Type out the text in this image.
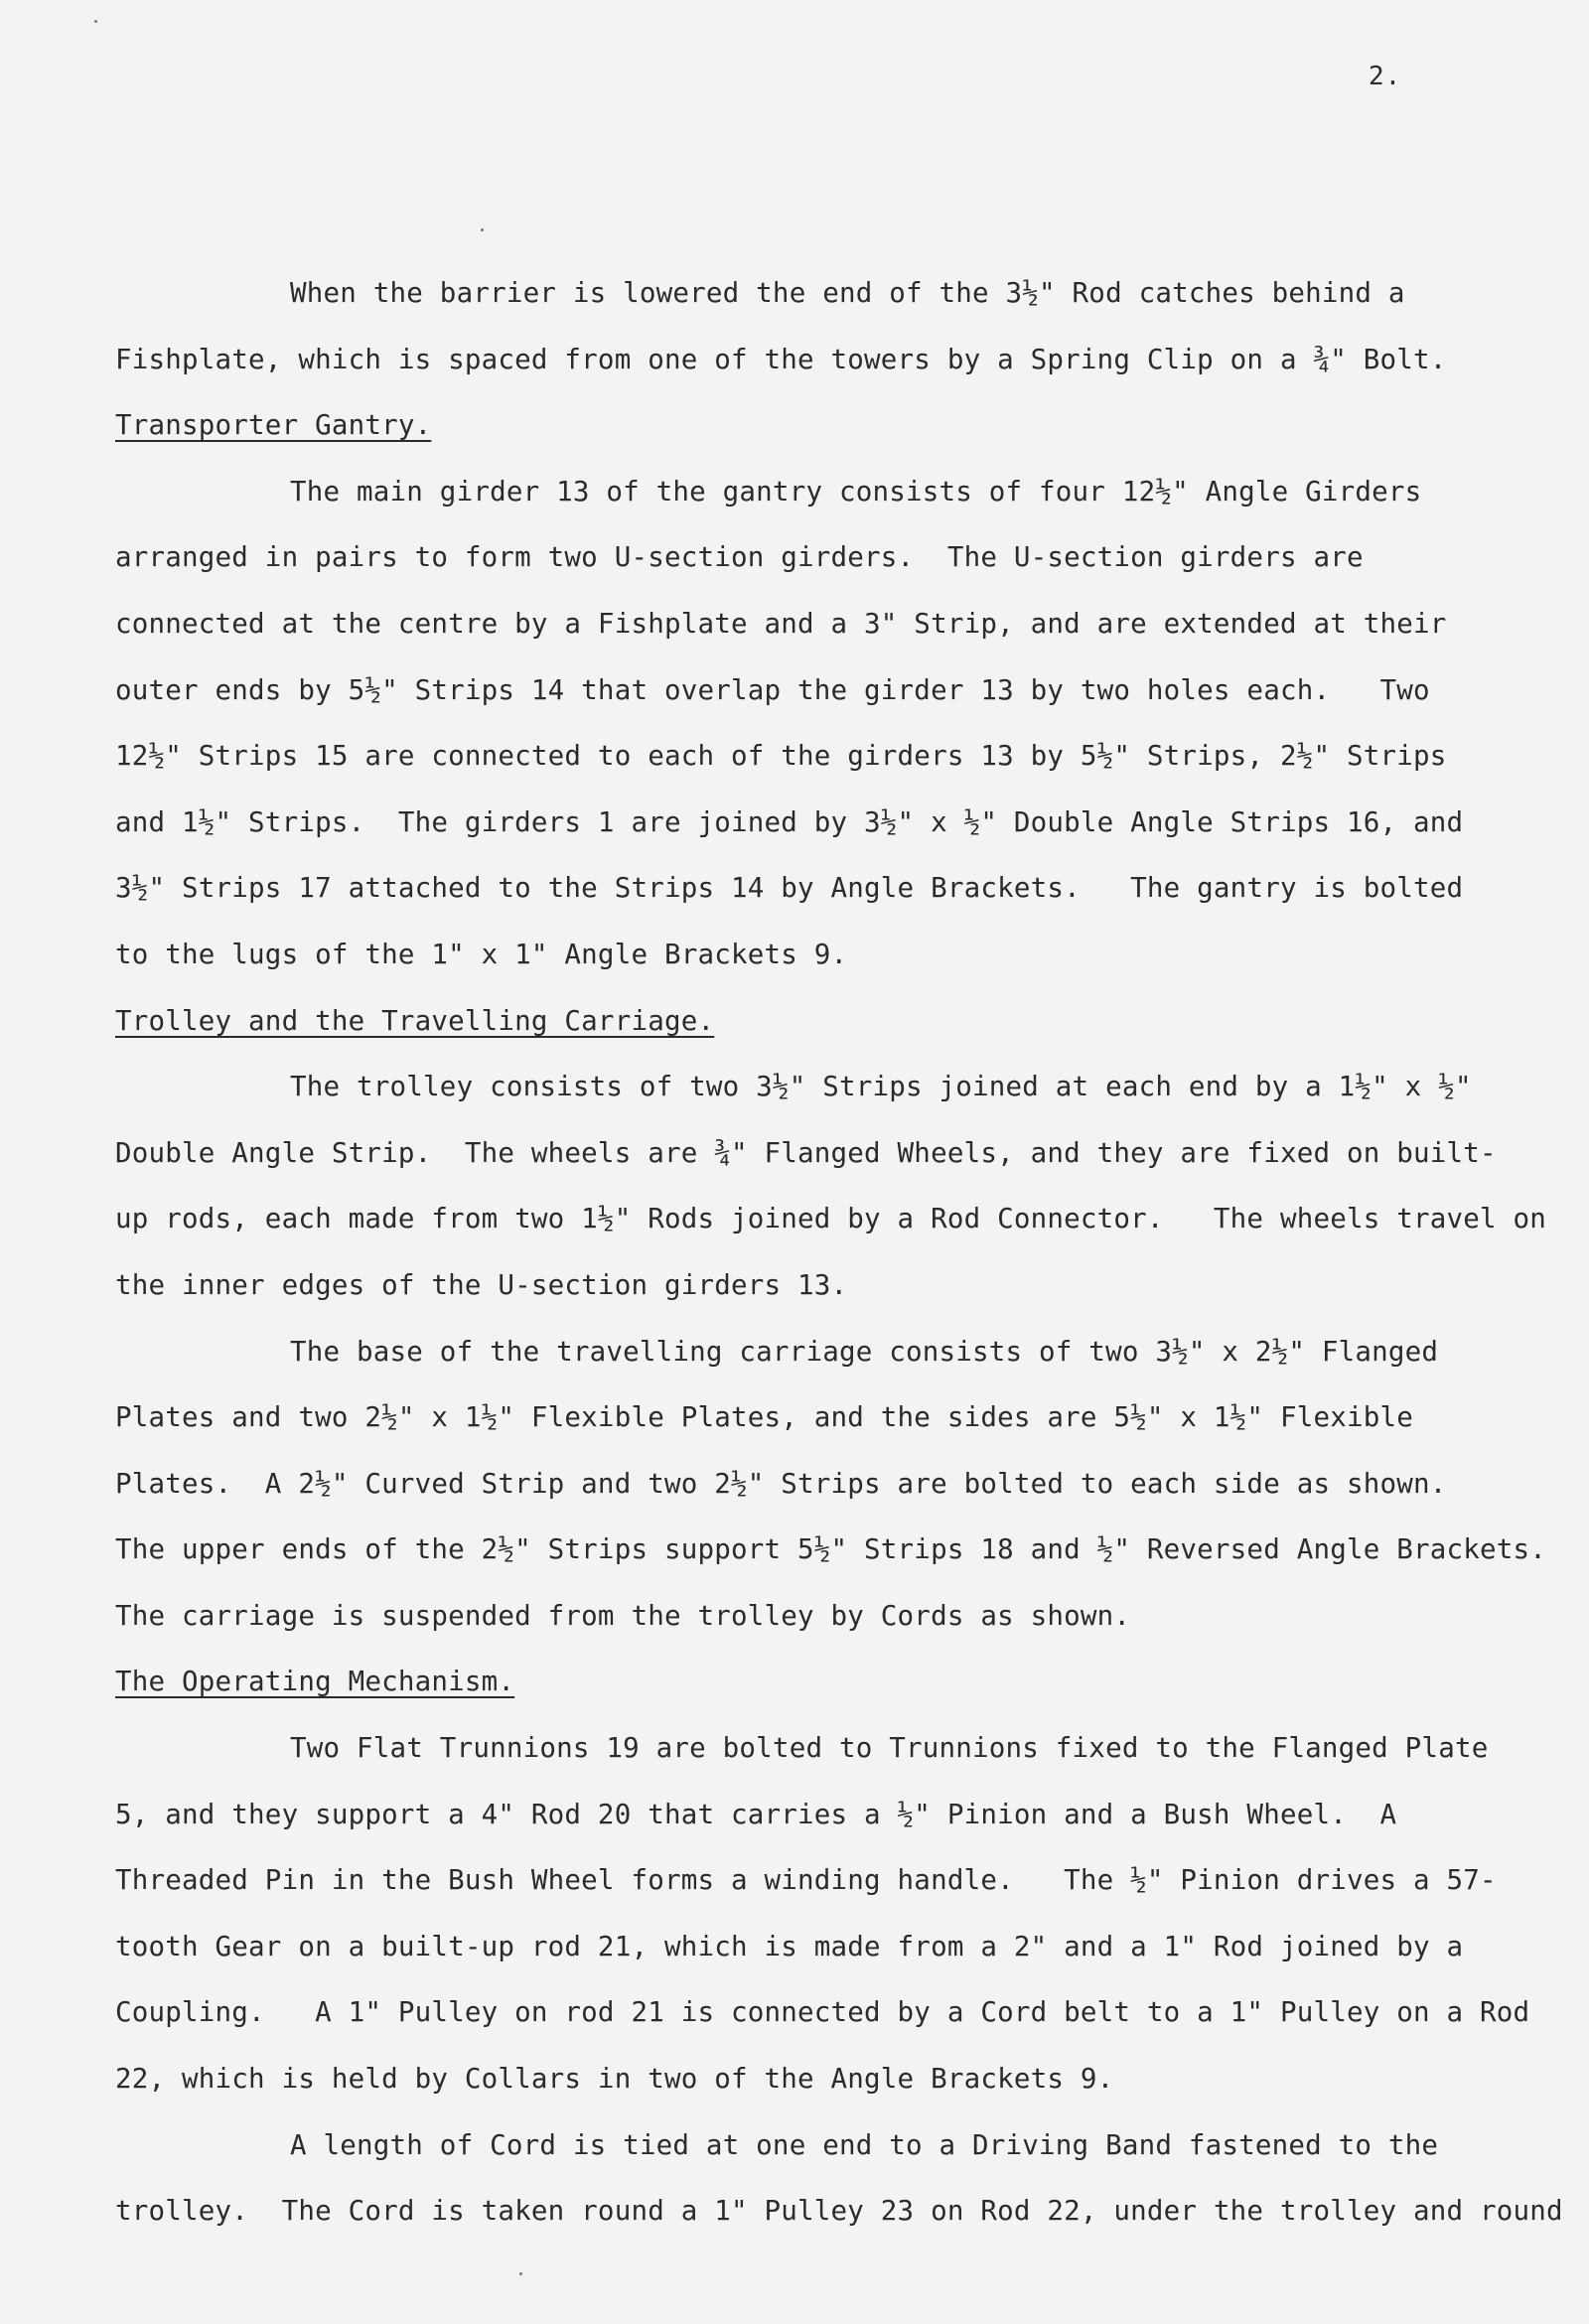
2.
When the barrier is lowered the end of the 3½" Rod catches behind a
Fishplate, which is spaced from one of the towers by a Spring Clip on a ¾" Bolt.
Transporter Gantry.
The main girder 13 of the gantry consists of four 12½" Angle Girders
arranged in pairs to form two U-section girders.  The U-section girders are
connected at the centre by a Fishplate and a 3" Strip, and are extended at their
outer ends by 5½" Strips 14 that overlap the girder 13 by two holes each.   Two
12½" Strips 15 are connected to each of the girders 13 by 5½" Strips, 2½" Strips
and 1½" Strips.  The girders 1 are joined by 3½" x ½" Double Angle Strips 16, and
3½" Strips 17 attached to the Strips 14 by Angle Brackets.   The gantry is bolted
to the lugs of the 1" x 1" Angle Brackets 9.
Trolley and the Travelling Carriage.
The trolley consists of two 3½" Strips joined at each end by a 1½" x ½"
Double Angle Strip.  The wheels are ¾" Flanged Wheels, and they are fixed on built-
up rods, each made from two 1½" Rods joined by a Rod Connector.   The wheels travel on
the inner edges of the U-section girders 13.
The base of the travelling carriage consists of two 3½" x 2½" Flanged
Plates and two 2½" x 1½" Flexible Plates, and the sides are 5½" x 1½" Flexible
Plates.  A 2½" Curved Strip and two 2½" Strips are bolted to each side as shown.
The upper ends of the 2½" Strips support 5½" Strips 18 and ½" Reversed Angle Brackets.
The carriage is suspended from the trolley by Cords as shown.
The Operating Mechanism.
Two Flat Trunnions 19 are bolted to Trunnions fixed to the Flanged Plate
5, and they support a 4" Rod 20 that carries a ½" Pinion and a Bush Wheel.  A
Threaded Pin in the Bush Wheel forms a winding handle.   The ½" Pinion drives a 57-
tooth Gear on a built-up rod 21, which is made from a 2" and a 1" Rod joined by a
Coupling.   A 1" Pulley on rod 21 is connected by a Cord belt to a 1" Pulley on a Rod
22, which is held by Collars in two of the Angle Brackets 9.
A length of Cord is tied at one end to a Driving Band fastened to the
trolley.  The Cord is taken round a 1" Pulley 23 on Rod 22, under the trolley and round
